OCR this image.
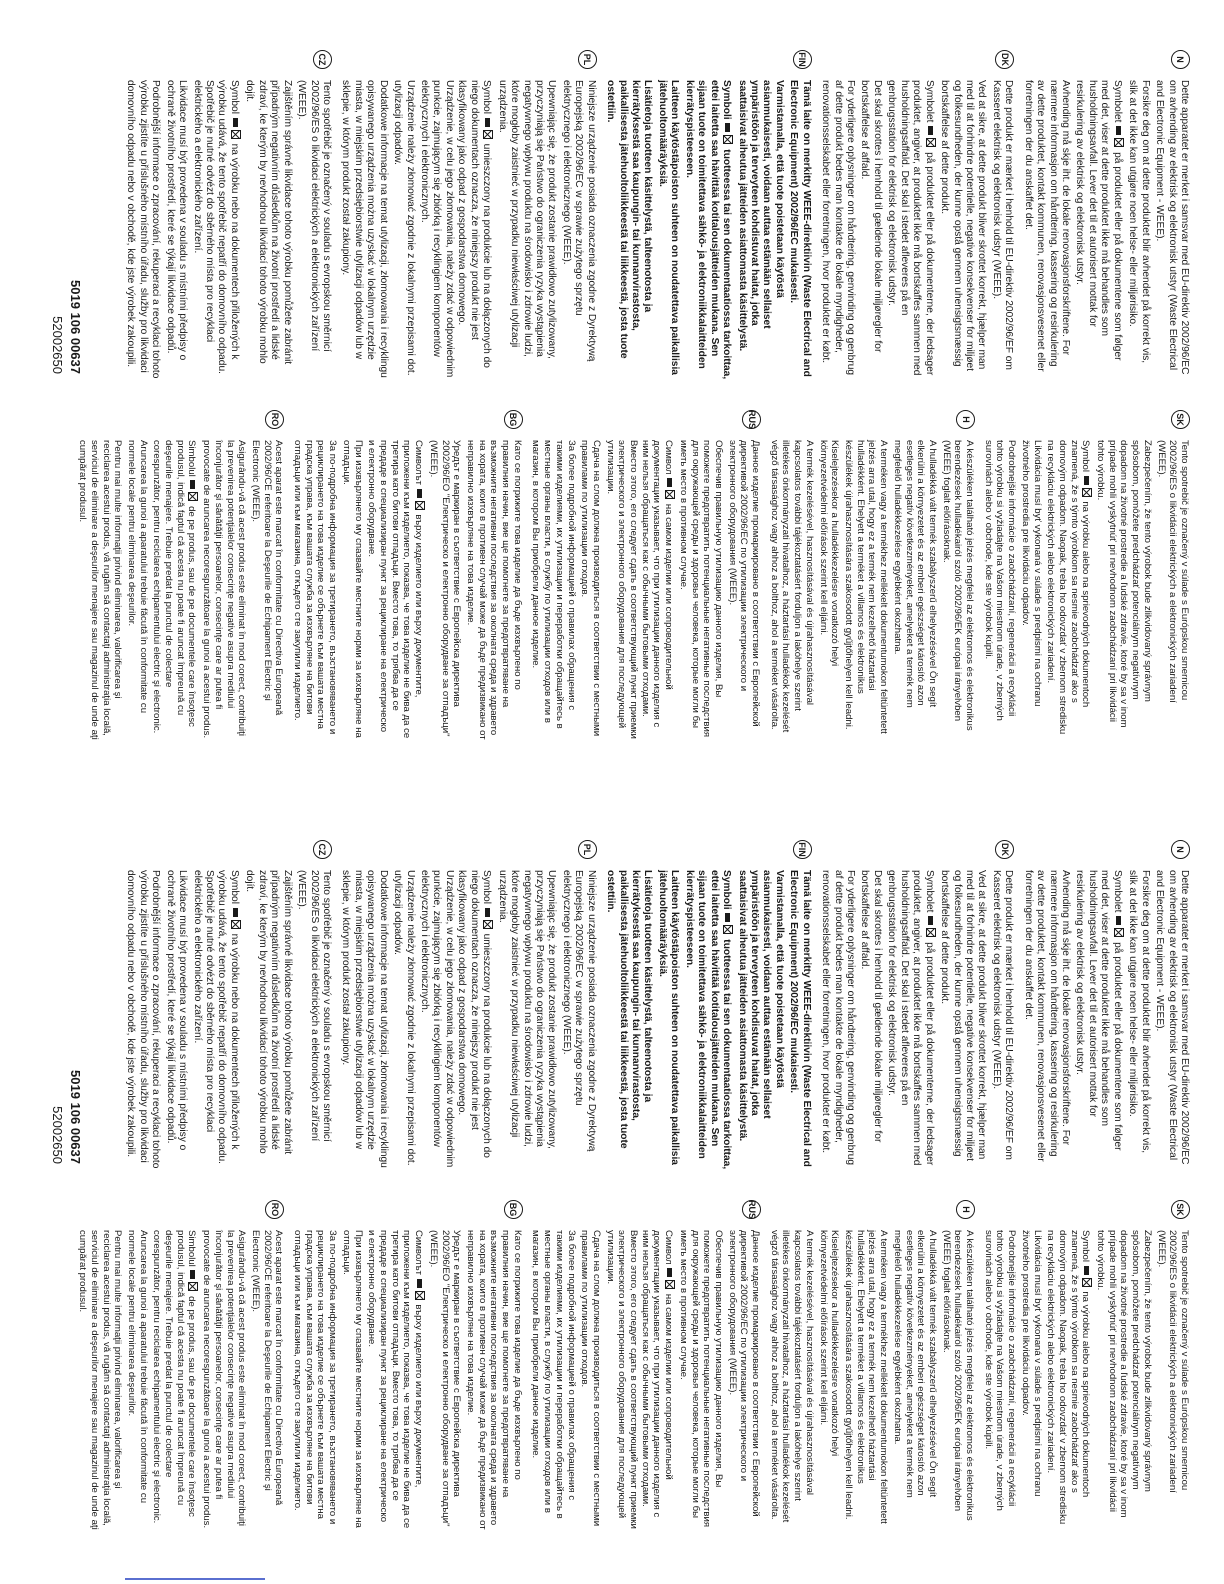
N

Dette apparatet er merket i samsvar med EU-direktiv 2002/96/EC om avhending av elektrisk og elektronisk utstyr (Waste Electrical and Electronic Equipment - WEEE).

Forsikre deg om at dette produktet blir avhendet på korrekt vis, slik at det ikke kan utgjøre noen helse- eller miljørisiko.

Symbolet  på produktet eller på dokumentene som følger med det, viser at dette produktet ikke må behandles som husholdningsavfall. Lever det til et autorisert mottak for resirkulering av elektrisk og elektronisk utstyr.

Avhending må skje iht. de lokale renovasjonsforskriftene. For nærmere informasjon om håndtering, kassering og resirkulering av dette produktet, kontakt kommunen, renovasjonsvesenet eller forretningen der du anskaffet det.

DK

Dette produkt er mærket i henhold til EU-direktiv 2002/96/EF om Kasseret elektrisk og elektronisk udstyr (WEEE).

Ved at sikre, at dette produkt bliver skrottet korrekt, hjælper man med til at forhindre potentielle, negative konsekvenser for miljøet og folkesundheden, der kunne opstå gennem uhensigtsmæssig bortskaffelse af dette produkt.

Symbolet  på produktet eller på dokumenterne, der ledsager produktet, angiver, at produktet ikke må bortskaffes sammen med husholdningsaffald. Det skal i stedet afleveres på en genbrugsstation for elektrisk og elektronisk udstyr.

Det skal skrottes i henhold til gældende lokale miljøregler for bortskaffelse af affald.

For yderligere oplysninger om håndtering, genvinding og genbrug af dette produkt bedes man kontakte de lokale myndigheder, renovationsselskabet eller forretningen, hvor produktet er købt.

FIN

Tämä laite on merkitty WEEE-direktiivin (Waste Electrical and Electronic Equipment) 2002/96/EC mukaisesti.

Varmistamalla, että tuote poistetaan käytöstä asianmukaisesti, voidaan auttaa estämään sellaiset ympäristöön ja terveyteen kohdistuvat haitat, jotka saattaisivat aiheutua jätteiden asiattomasta käsittelystä.

Symboli  tuotteessa tai sen dokumentaatiossa tarkoittaa, ettei laitetta saa hävittää kotitalousjätteiden mukana. Sen sijaan tuote on toimitettava sähkö- ja elektroniikkalaitteiden kierrätyspisteeseen.

Laitteen käytöstäpoiston suhteen on noudatettava paikallisia jätehuoltomääräyksiä.

Lisätietoja tuotteen käsittelystä, talteenotosta ja kierrätyksestä saa kaupungin- tai kunnanvirastosta, paikallisesta jätehuoltoliikkeestä tai liikkeestä, josta tuote ostettiin.

PL

Niniejsze urządzenie posiada oznaczenia zgodne z Dyrektywą Europejską 2002/96/EC w sprawie zużytego sprzętu elektrycznego i elektronicznego (WEEE).

Upewniając się, że produkt zostanie prawidłowo zutylizowany, przyczyniają się Państwo do ograniczenia ryzyka wystąpienia negatywnego wpływu produktu na środowisko i zdrowie ludzi, które mogłoby zaistnieć w przypadku niewłaściwej utylizacji urządzenia.

Symbol  umieszczony na produkcie lub na dołączonych do niego dokumentach oznacza, że niniejszy produkt nie jest klasyfikowany jako odpad z gospodarstwa domowego. Urządzenie, w celu jego złomowania, należy zdać w odpowiednim punkcie, zajmującym się zbiórką i recyklingiem komponentów elektrycznych i elektronicznych.

Urządzenie należy złomować zgodnie z lokalnymi przepisami dot. utylizacji odpadów.

Dodatkowe informacje na temat utylizacji, złomowania i recyklingu opisywanego urządzenia można uzyskać w lokalnym urzędzie miasta, w miejskim przedsiębiorstwie utylizacji odpadów lub w sklepie, w którym produkt został zakupiony.

CZ

Tento spotřebič je označený v souladu s evropskou směrnicí 2002/96/ES o likvidaci elektrických a elektronických zařízení (WEEE).

Zajištěním správné likvidace tohoto výrobku pomůžete zabránit případným negativním důsledkům na životní prostředí a lidské zdraví, ke kterým by nevhodnou likvidací tohoto výrobku mohlo dojít.

Symbol  na výrobku nebo na dokumentech přiložených k výrobku udává, že tento spotřebič nepatří do domovního odpadu. Spotřebič je nutné odvézt do sběrného místa pro recyklaci elektrického a elektronického zařízení.

Likvidace musí být provedena v souladu s místními předpisy o ochraně životního prostředí, které se týkají likvidace odpadů.

Podrobnější informace o zpracování, rekuperaci a recyklaci tohoto výrobku zjistíte u příslušného místního úřadu, služby pro likvidaci domovního odpadu nebo v obchodě, kde jste výrobek zakoupili.

5019 106 00637
52002650
SK

Tento spotrebič je označený v súlade s Európskou smernicou 2002/96/ES o likvidácii elektrických a elektronických zariadení (WEEE).

Zabezpečením, že tento výrobok bude zlikvidovaný správnym spôsobom, pomôžete predchádzať potenciálnym negatívnym dopadom na životné prostredie a ľudské zdravie, ktoré by sa v inom prípade mohli vyskytnúť pri nevhodnom zaobchádzaní pri likvidácii tohto výrobku.

Symbol  na výrobku alebo na sprievodných dokumentoch znamená, že s týmto výrobkom sa nesmie zaobchádzať ako s domovým odpadom. Naopak, treba ho odovzdať v zbernom stredisku na recykláciu elektrických alebo elektronických zariadení.

Likvidácia musí byť vykonaná v súlade s predpismi na ochranu životného prostredia pre likvidáciu odpadov.

Podrobnejšie informácie o zaobchádzaní, regenerácii a recyklácii tohto výrobku si vyžiadajte na Vašom miestnom úrade, v zberných surovinách alebo v obchode, kde ste výrobok kúpili.

H

A készüléken található jelzés megfelel az elektromos és elektronikus berendezések hulladékairól szóló 2002/96/EK európai irányelvben (WEEE) foglalt előírásoknak.

A hulladékká vált termék szabályszerű elhelyezésével Ön segít elkerülni a környezetet és az emberi egészséget károsító azon esetleges negatív következményeket, amelyeket a termék nem megfelelő hulladékkezelése egyébként okozhatna.

A terméken vagy a termékhez mellékelt dokumentumokon feltüntetett jelzés arra utal, hogy ez a termék nem kezelhető háztartási hulladékként. Ehelyett a terméket a villamos és elektronikus készülékek újrahasznosítására szakosodott gyűjtőhelyen kell leadni.

Kiselejtezésekor a hulladékkezelésre vonatkozó helyi környezetvédelmi előírások szerint kell eljárni.

A termék kezelésével, hasznosításával és újrahasznosításával kapcsolatos további tájékoztatásért forduljon a lakóhelye szerint illetékes önkormányzati hivatalhoz, a háztartási hulladékok kezelését végző társasághoz vagy ahhoz a bolthoz, ahol a terméket vásárolta.

RUS

Данное изделие промаркировано в соответствии с Европейской директивой 2002/96/EC по утилизации электрического и электронного оборудования (WEEE).

Обеспечив правильную утилизацию данного изделия, Вы поможете предотвратить потенциальные негативные последствия для окружающей среды и здоровья человека, которые могли бы иметь место в противном случае.

Символ  на самом изделии или сопроводительной документации указывает, что при утилизации данного изделия с ним нельзя обращаться как с обычными бытовыми отходами. Вместо этого, его следует сдать в соответствующий пункт приемки электрического и электронного оборудования для последующей утилизации.

Сдача на слом должна производиться в соответствии с местными правилами по утилизации отходов.

За более подробной информацией о правилах обращения с такими изделиями, их утилизации и переработки обращайтесь в местные органы власти, в службу по утилизации отходов или в магазин, в котором Вы приобрели данное изделие.

BG

Като се погрижите това изделие да бъде изхвърлено по правилния начин, вие ще помогнете за предотвратяване на възможните негативни последствия за околната среда и здравето на хората, които в противен случай може да бъде предизвикано от неправилно изхвърляне на това изделие.

Уредът е маркиран в съответствие с Европейска директива 2002/96/ЕО "Електрическо и електронно оборудване за отпадъци" (WEEE).

Символът  върху изделието или върху документите, приложени към изделието, показва, че това изделие не бива да се третира като битови отпадъци. Вместо това, то трябва да се предаде в специализиран пункт за рециклиране на електрическо и електронно оборудване.

При изхвърлянето му спазвайте местните норми за изхвърляне на отпадъци.

За по-подробна информация за третирането, възстановяването и рециклирането на това изделие се обърнете към вашата местна градска управа, към вашата служба за изхвърляне на битови отпадъци или към магазина, откъдето сте закупили изделието.

RO

Acest aparat este marcat în conformitate cu Directiva Europeană 2002/96/CE referitoare la Deşeurile de Echipament Electric şi Electronic (WEEE).

Asigurându-vă că acest produs este eliminat în mod corect, contribuiţi la prevenirea potenţialelor consecinţe negative asupra mediului înconjurător şi sănătăţii persoanelor, consecinţe care ar putea fi provocate de aruncarea necorespunzătoare la gunoi a acestui produs.

Simbolul  de pe produs, sau de pe documentele care însoţesc produsul, indică faptul că acesta nu poate fi aruncat împreună cu deşeurile menajere. Trebuie predat la punctul de colectare corespunzător, pentru reciclarea echipamentului electric şi electronic.

Aruncarea la gunoi a aparatului trebuie făcută în conformitate cu normele locale pentru eliminarea deşeurilor.

Pentru mai multe informaţii privind eliminarea, valorificarea şi reciclarea acestui produs, vă rugăm să contactaţi administraţia locală, serviciul de eliminare a deşeurilor menajere sau magazinul de unde aţi cumpărat produsul.

N

Dette apparatet er merket i samsvar med EU-direktiv 2002/96/EC om avhending av elektrisk og elektronisk utstyr (Waste Electrical and Electronic Equipment - WEEE).

Forsikre deg om at dette produktet blir avhendet på korrekt vis, slik at det ikke kan utgjøre noen helse- eller miljørisiko.

Symbolet  på produktet eller på dokumentene som følger med det, viser at dette produktet ikke må behandles som husholdningsavfall. Lever det til et autorisert mottak for resirkulering av elektrisk og elektronisk utstyr.

Avhending må skje iht. de lokale renovasjonsforskriftene. For nærmere informasjon om håndtering, kassering og resirkulering av dette produktet, kontakt kommunen, renovasjonsvesenet eller forretningen der du anskaffet det.

DK

Dette produkt er mærket i henhold til EU-direktiv 2002/96/EF om Kasseret elektrisk og elektronisk udstyr (WEEE).

Ved at sikre, at dette produkt bliver skrottet korrekt, hjælper man med til at forhindre potentielle, negative konsekvenser for miljøet og folkesundheden, der kunne opstå gennem uhensigtsmæssig bortskaffelse af dette produkt.

Symbolet  på produktet eller på dokumenterne, der ledsager produktet, angiver, at produktet ikke må bortskaffes sammen med husholdningsaffald. Det skal i stedet afleveres på en genbrugsstation for elektrisk og elektronisk udstyr.

Det skal skrottes i henhold til gældende lokale miljøregler for bortskaffelse af affald.

For yderligere oplysninger om håndtering, genvinding og genbrug af dette produkt bedes man kontakte de lokale myndigheder, renovationsselskabet eller forretningen, hvor produktet er købt.

FIN

Tämä laite on merkitty WEEE-direktiivin (Waste Electrical and Electronic Equipment) 2002/96/EC mukaisesti.

Varmistamalla, että tuote poistetaan käytöstä asianmukaisesti, voidaan auttaa estämään sellaiset ympäristöön ja terveyteen kohdistuvat haitat, jotka saattaisivat aiheutua jätteiden asiattomasta käsittelystä.

Symboli  tuotteessa tai sen dokumentaatiossa tarkoittaa, ettei laitetta saa hävittää kotitalousjätteiden mukana. Sen sijaan tuote on toimitettava sähkö- ja elektroniikkalaitteiden kierrätyspisteeseen.

Laitteen käytöstäpoiston suhteen on noudatettava paikallisia jätehuoltomääräyksiä.

Lisätietoja tuotteen käsittelystä, talteenotosta ja kierrätyksestä saa kaupungin- tai kunnanvirastosta, paikallisesta jätehuoltoliikkeestä tai liikkeestä, josta tuote ostettiin.

PL

Niniejsze urządzenie posiada oznaczenia zgodne z Dyrektywą Europejską 2002/96/EC w sprawie zużytego sprzętu elektrycznego i elektronicznego (WEEE).

Upewniając się, że produkt zostanie prawidłowo zutylizowany, przyczyniają się Państwo do ograniczenia ryzyka wystąpienia negatywnego wpływu produktu na środowisko i zdrowie ludzi, które mogłoby zaistnieć w przypadku niewłaściwej utylizacji urządzenia.

Symbol  umieszczony na produkcie lub na dołączonych do niego dokumentach oznacza, że niniejszy produkt nie jest klasyfikowany jako odpad z gospodarstwa domowego. Urządzenie, w celu jego złomowania, należy zdać w odpowiednim punkcie, zajmującym się zbiórką i recyklingiem komponentów elektrycznych i elektronicznych.

Urządzenie należy złomować zgodnie z lokalnymi przepisami dot. utylizacji odpadów.

Dodatkowe informacje na temat utylizacji, złomowania i recyklingu opisywanego urządzenia można uzyskać w lokalnym urzędzie miasta, w miejskim przedsiębiorstwie utylizacji odpadów lub w sklepie, w którym produkt został zakupiony.

CZ

Tento spotřebič je označený v souladu s evropskou směrnicí 2002/96/ES o likvidaci elektrických a elektronických zařízení (WEEE).

Zajištěním správné likvidace tohoto výrobku pomůžete zabránit případným negativním důsledkům na životní prostředí a lidské zdraví, ke kterým by nevhodnou likvidací tohoto výrobku mohlo dojít.

Symbol  na výrobku nebo na dokumentech přiložených k výrobku udává, že tento spotřebič nepatří do domovního odpadu. Spotřebič je nutné odvézt do sběrného místa pro recyklaci elektrického a elektronického zařízení.

Likvidace musí být provedena v souladu s místními předpisy o ochraně životního prostředí, které se týkají likvidace odpadů.

Podrobnější informace o zpracování, rekuperaci a recyklaci tohoto výrobku zjistíte u příslušného místního úřadu, služby pro likvidaci domovního odpadu nebo v obchodě, kde jste výrobek zakoupili.

5019 106 00637
52002650
SK

Tento spotrebič je označený v súlade s Európskou smernicou 2002/96/ES o likvidácii elektrických a elektronických zariadení (WEEE).

Zabezpečením, že tento výrobok bude zlikvidovaný správnym spôsobom, pomôžete predchádzať potenciálnym negatívnym dopadom na životné prostredie a ľudské zdravie, ktoré by sa v inom prípade mohli vyskytnúť pri nevhodnom zaobchádzaní pri likvidácii tohto výrobku.

Symbol  na výrobku alebo na sprievodných dokumentoch znamená, že s týmto výrobkom sa nesmie zaobchádzať ako s domovým odpadom. Naopak, treba ho odovzdať v zbernom stredisku na recykláciu elektrických alebo elektronických zariadení.

Likvidácia musí byť vykonaná v súlade s predpismi na ochranu životného prostredia pre likvidáciu odpadov.

Podrobnejšie informácie o zaobchádzaní, regenerácii a recyklácii tohto výrobku si vyžiadajte na Vašom miestnom úrade, v zberných surovinách alebo v obchode, kde ste výrobok kúpili.

H

A készüléken található jelzés megfelel az elektromos és elektronikus berendezések hulladékairól szóló 2002/96/EK európai irányelvben (WEEE) foglalt előírásoknak.

A hulladékká vált termék szabályszerű elhelyezésével Ön segít elkerülni a környezetet és az emberi egészséget károsító azon esetleges negatív következményeket, amelyeket a termék nem megfelelő hulladékkezelése egyébként okozhatna.

A terméken vagy a termékhez mellékelt dokumentumokon feltüntetett jelzés arra utal, hogy ez a termék nem kezelhető háztartási hulladékként. Ehelyett a terméket a villamos és elektronikus készülékek újrahasznosítására szakosodott gyűjtőhelyen kell leadni.

Kiselejtezésekor a hulladékkezelésre vonatkozó helyi környezetvédelmi előírások szerint kell eljárni.

A termék kezelésével, hasznosításával és újrahasznosításával kapcsolatos további tájékoztatásért forduljon a lakóhelye szerint illetékes önkormányzati hivatalhoz, a háztartási hulladékok kezelését végző társasághoz vagy ahhoz a bolthoz, ahol a terméket vásárolta.

RUS

Данное изделие промаркировано в соответствии с Европейской директивой 2002/96/EC по утилизации электрического и электронного оборудования (WEEE).

Обеспечив правильную утилизацию данного изделия, Вы поможете предотвратить потенциальные негативные последствия для окружающей среды и здоровья человека, которые могли бы иметь место в противном случае.

Символ  на самом изделии или сопроводительной документации указывает, что при утилизации данного изделия с ним нельзя обращаться как с обычными бытовыми отходами. Вместо этого, его следует сдать в соответствующий пункт приемки электрического и электронного оборудования для последующей утилизации.

Сдача на слом должна производиться в соответствии с местными правилами по утилизации отходов.

За более подробной информацией о правилах обращения с такими изделиями, их утилизации и переработки обращайтесь в местные органы власти, в службу по утилизации отходов или в магазин, в котором Вы приобрели данное изделие.

BG

Като се погрижите това изделие да бъде изхвърлено по правилния начин, вие ще помогнете за предотвратяване на възможните негативни последствия за околната среда и здравето на хората, които в противен случай може да бъде предизвикано от неправилно изхвърляне на това изделие.

Уредът е маркиран в съответствие с Европейска директива 2002/96/ЕО "Електрическо и електронно оборудване за отпадъци" (WEEE).

Символът  върху изделието или върху документите, приложени към изделието, показва, че това изделие не бива да се третира като битови отпадъци. Вместо това, то трябва да се предаде в специализиран пункт за рециклиране на електрическо и електронно оборудване.

При изхвърлянето му спазвайте местните норми за изхвърляне на отпадъци.

За по-подробна информация за третирането, възстановяването и рециклирането на това изделие се обърнете към вашата местна градска управа, към вашата служба за изхвърляне на битови отпадъци или към магазина, откъдето сте закупили изделието.

RO

Acest aparat este marcat în conformitate cu Directiva Europeană 2002/96/CE referitoare la Deşeurile de Echipament Electric şi Electronic (WEEE).

Asigurându-vă că acest produs este eliminat în mod corect, contribuiţi la prevenirea potenţialelor consecinţe negative asupra mediului înconjurător şi sănătăţii persoanelor, consecinţe care ar putea fi provocate de aruncarea necorespunzătoare la gunoi a acestui produs.

Simbolul  de pe produs, sau de pe documentele care însoţesc produsul, indică faptul că acesta nu poate fi aruncat împreună cu deşeurile menajere. Trebuie predat la punctul de colectare corespunzător, pentru reciclarea echipamentului electric şi electronic.

Aruncarea la gunoi a aparatului trebuie făcută în conformitate cu normele locale pentru eliminarea deşeurilor.

Pentru mai multe informaţii privind eliminarea, valorificarea şi reciclarea acestui produs, vă rugăm să contactaţi administraţia locală, serviciul de eliminare a deşeurilor menajere sau magazinul de unde aţi cumpărat produsul.
